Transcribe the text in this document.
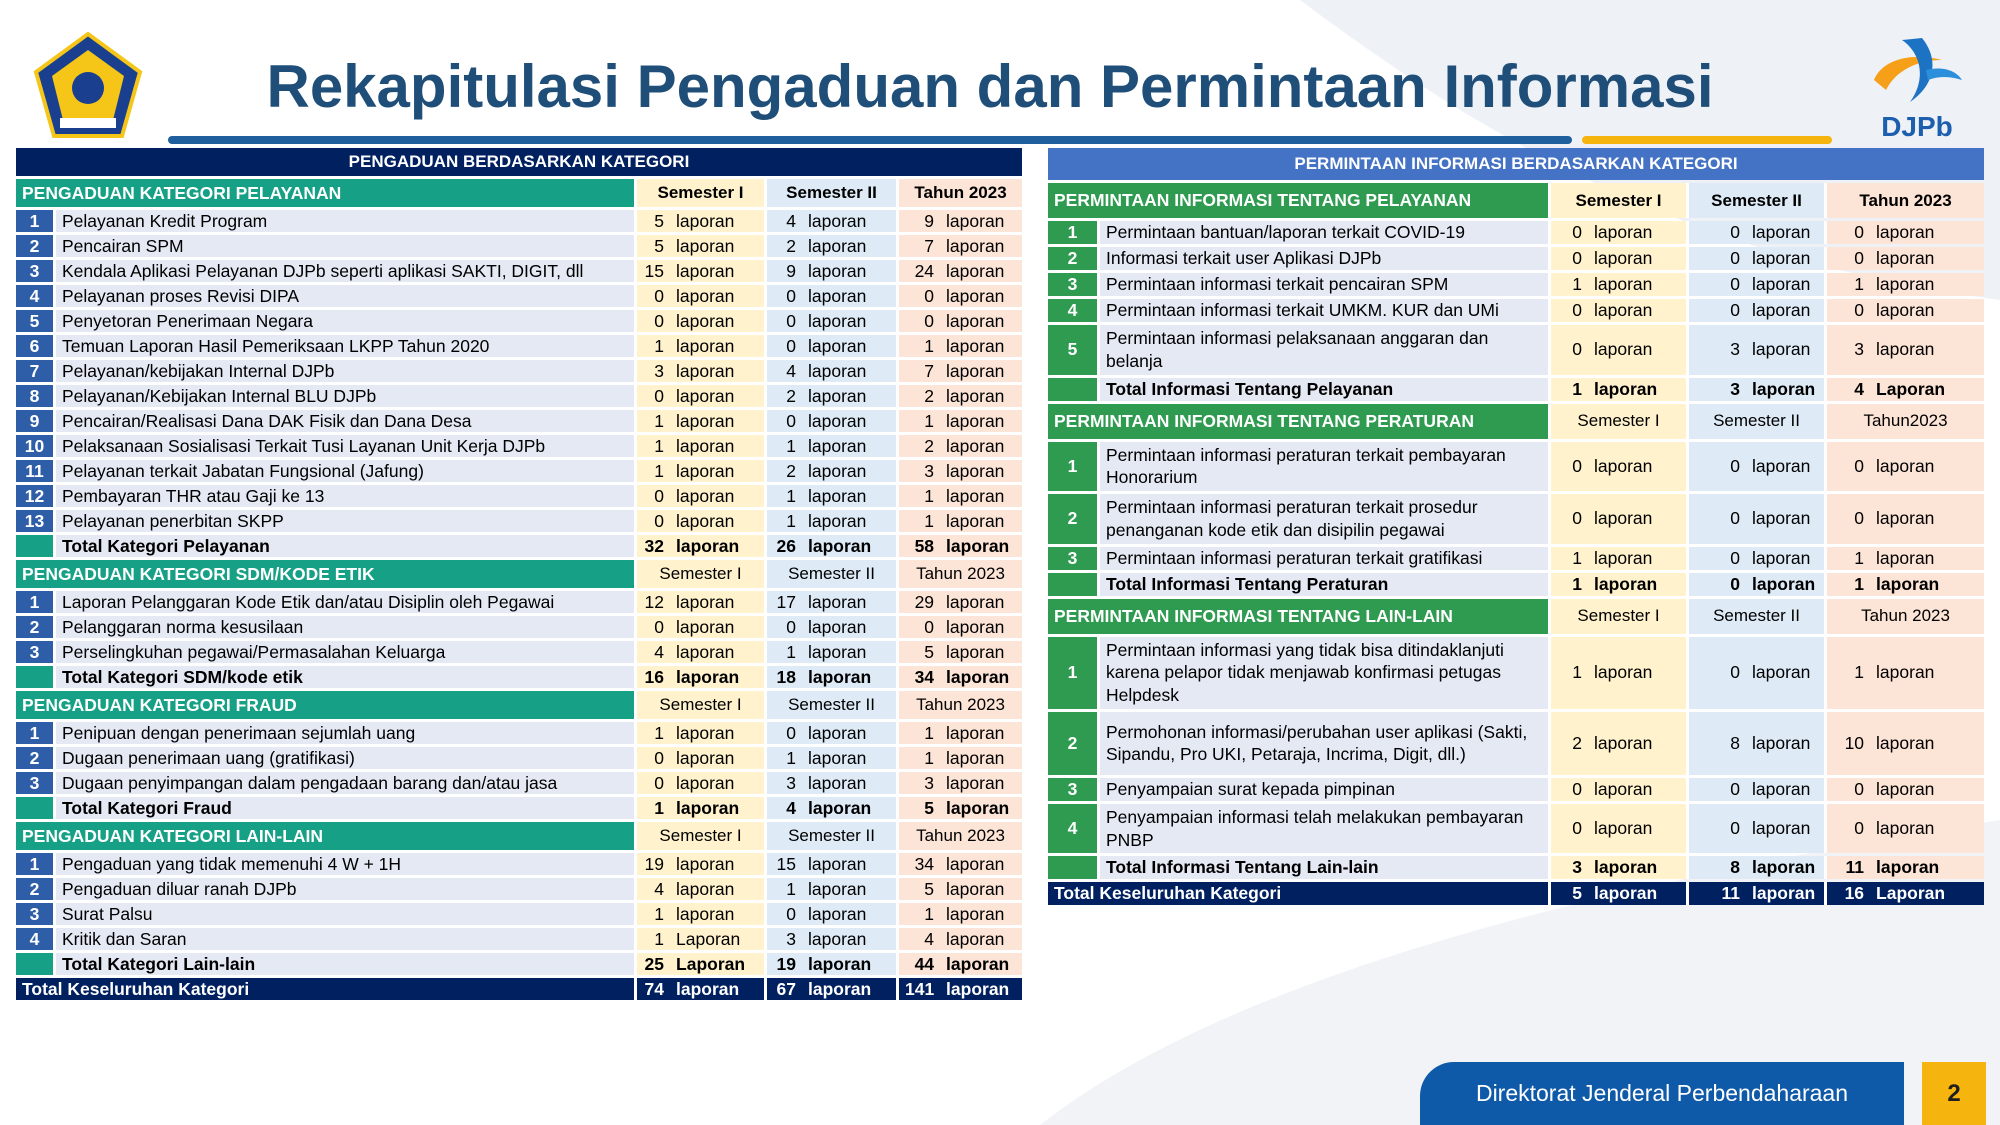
DJPb
Rekapitulasi Pengaduan dan Permintaan Informasi
PENGADUAN BERDASARKAN KATEGORI
PENGADUAN KATEGORI PELAYANAN		Semester I		Semester II		Tahun 2023	
1	Pelayanan Kredit Program	5	laporan	4	laporan	9	laporan
2	Pencairan SPM	5	laporan	2	laporan	7	laporan
3	Kendala Aplikasi Pelayanan DJPb seperti aplikasi SAKTI, DIGIT, dll	15	laporan	9	laporan	24	laporan
4	Pelayanan proses Revisi DIPA	0	laporan	0	laporan	0	laporan
5	Penyetoran Penerimaan Negara	0	laporan	0	laporan	0	laporan
6	Temuan Laporan Hasil Pemeriksaan LKPP Tahun 2020	1	laporan	0	laporan	1	laporan
7	Pelayanan/kebijakan Internal DJPb	3	laporan	4	laporan	7	laporan
8	Pelayanan/Kebijakan Internal BLU DJPb	0	laporan	2	laporan	2	laporan
9	Pencairan/Realisasi Dana DAK Fisik dan Dana Desa	1	laporan	0	laporan	1	laporan
10	Pelaksanaan Sosialisasi Terkait Tusi Layanan Unit Kerja DJPb	1	laporan	1	laporan	2	laporan
11	Pelayanan terkait Jabatan Fungsional (Jafung)	1	laporan	2	laporan	3	laporan
12	Pembayaran THR atau Gaji ke 13	0	laporan	1	laporan	1	laporan
13	Pelayanan penerbitan SKPP	0	laporan	1	laporan	1	laporan
	Total Kategori Pelayanan	32	laporan	26	laporan	58	laporan
PENGADUAN KATEGORI SDM/KODE ETIK		Semester I		Semester II		Tahun 2023	
1	Laporan Pelanggaran Kode Etik dan/atau Disiplin oleh Pegawai	12	laporan	17	laporan	29	laporan
2	Pelanggaran norma kesusilaan	0	laporan	0	laporan	0	laporan
3	Perselingkuhan pegawai/Permasalahan Keluarga	4	laporan	1	laporan	5	laporan
	Total Kategori SDM/kode etik	16	laporan	18	laporan	34	laporan
PENGADUAN KATEGORI FRAUD		Semester I		Semester II		Tahun 2023	
1	Penipuan dengan penerimaan sejumlah uang	1	laporan	0	laporan	1	laporan
2	Dugaan penerimaan uang (gratifikasi)	0	laporan	1	laporan	1	laporan
3	Dugaan penyimpangan dalam pengadaan barang dan/atau jasa	0	laporan	3	laporan	3	laporan
	Total Kategori Fraud	1	laporan	4	laporan	5	laporan
PENGADUAN KATEGORI LAIN-LAIN		Semester I		Semester II		Tahun 2023	
1	Pengaduan yang tidak memenuhi 4 W + 1H	19	laporan	15	laporan	34	laporan
2	Pengaduan diluar ranah DJPb	4	laporan	1	laporan	5	laporan
3	Surat Palsu	1	laporan	0	laporan	1	laporan
4	Kritik dan Saran	1	Laporan	3	laporan	4	laporan
	Total Kategori Lain-lain	25	Laporan	19	laporan	44	laporan
Total Keseluruhan Kategori		74	laporan	67	laporan	141	laporan
PERMINTAAN INFORMASI BERDASARKAN KATEGORI
PERMINTAAN INFORMASI TENTANG PELAYANAN		Semester I		Semester II		Tahun 2023	
1	Permintaan bantuan/laporan terkait COVID-19	0	laporan	0	laporan	0	laporan
2	Informasi terkait user Aplikasi DJPb	0	laporan	0	laporan	0	laporan
3	Permintaan informasi terkait pencairan SPM	1	laporan	0	laporan	1	laporan
4	Permintaan informasi terkait UMKM. KUR dan UMi	0	laporan	0	laporan	0	laporan
5	Permintaan informasi pelaksanaan anggaran dan belanja	0	laporan	3	laporan	3	laporan
	Total Informasi Tentang Pelayanan	1	laporan	3	laporan	4	Laporan
PERMINTAAN INFORMASI TENTANG PERATURAN		Semester I		Semester II		Tahun2023	
1	Permintaan informasi peraturan terkait pembayaran Honorarium	0	laporan	0	laporan	0	laporan
2	Permintaan informasi peraturan terkait prosedur penanganan kode etik dan disipilin pegawai	0	laporan	0	laporan	0	laporan
3	Permintaan informasi peraturan terkait gratifikasi	1	laporan	0	laporan	1	laporan
	Total Informasi Tentang Peraturan	1	laporan	0	laporan	1	laporan
PERMINTAAN INFORMASI TENTANG LAIN-LAIN		Semester I		Semester II		Tahun 2023	
1	Permintaan informasi yang tidak bisa ditindaklanjuti karena pelapor tidak menjawab konfirmasi petugas Helpdesk	1	laporan	0	laporan	1	laporan
2	Permohonan informasi/perubahan user aplikasi (Sakti, Sipandu, Pro UKI, Petaraja, Incrima, Digit, dll.)	2	laporan	8	laporan	10	laporan
3	Penyampaian surat kepada pimpinan	0	laporan	0	laporan	0	laporan
4	Penyampaian informasi telah melakukan pembayaran PNBP	0	laporan	0	laporan	0	laporan
	Total Informasi Tentang Lain-lain	3	laporan	8	laporan	11	laporan
Total Keseluruhan Kategori		5	laporan	11	laporan	16	Laporan
Direktorat Jenderal Perbendaharaan	2
